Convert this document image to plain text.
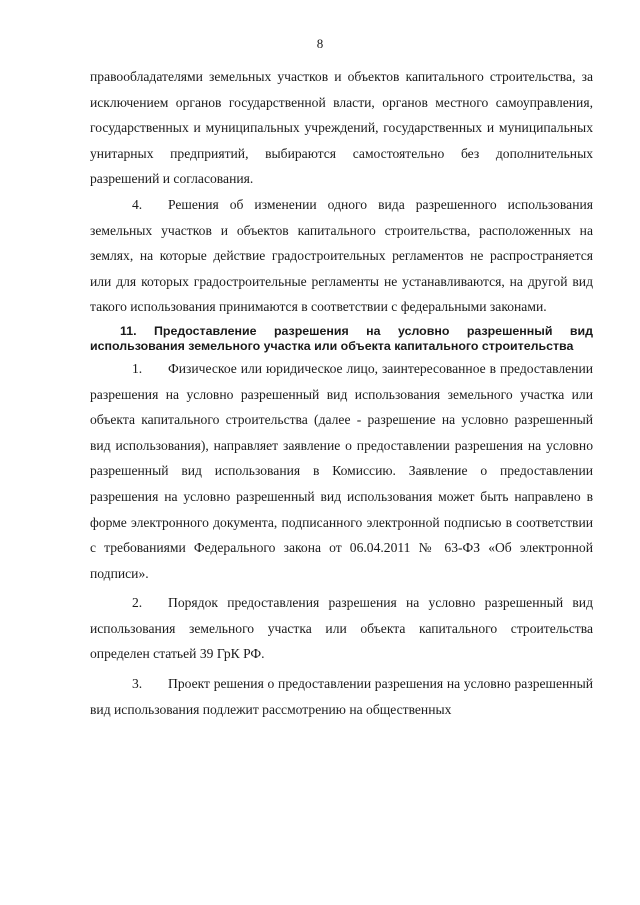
8

правообладателями земельных участков и объектов капитального строительства, за исключением органов государственной власти, органов местного самоуправления, государственных и муниципальных учреждений, государственных и муниципальных унитарных предприятий, выбираются самостоятельно без дополнительных разрешений и согласования.

4. Решения об изменении одного вида разрешенного использования земельных участков и объектов капитального строительства, расположенных на землях, на которые действие градостроительных регламентов не распространяется или для которых градостроительные регламенты не устанавливаются, на другой вид такого использования принимаются в соответствии с федеральными законами.

11. Предоставление разрешения на условно разрешенный вид использования земельного участка или объекта капитального строительства

1. Физическое или юридическое лицо, заинтересованное в предоставлении разрешения на условно разрешенный вид использования земельного участка или объекта капитального строительства (далее - разрешение на условно разрешенный вид использования), направляет заявление о предоставлении разрешения на условно разрешенный вид использования в Комиссию. Заявление о предоставлении разрешения на условно разрешенный вид использования может быть направлено в форме электронного документа, подписанного электронной подписью в соответствии с требованиями Федерального закона от 06.04.2011 № 63-ФЗ «Об электронной подписи».

2. Порядок предоставления разрешения на условно разрешенный вид использования земельного участка или объекта капитального строительства определен статьей 39 ГрК РФ.

3. Проект решения о предоставлении разрешения на условно разрешенный вид использования подлежит рассмотрению на общественных
